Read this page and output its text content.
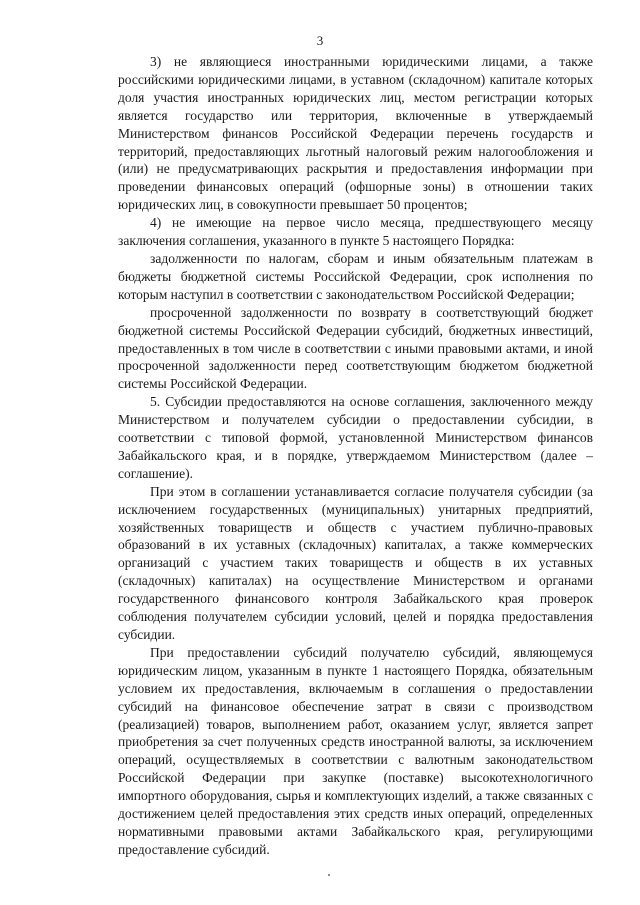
3

3) не являющиеся иностранными юридическими лицами, а также российскими юридическими лицами, в уставном (складочном) капитале которых доля участия иностранных юридических лиц, местом регистрации которых является государство или территория, включенные в утверждаемый Министерством финансов Российской Федерации перечень государств и территорий, предоставляющих льготный налоговый режим налогообложения и (или) не предусматривающих раскрытия и предоставления информации при проведении финансовых операций (офшорные зоны) в отношении таких юридических лиц, в совокупности превышает 50 процентов;

4) не имеющие на первое число месяца, предшествующего месяцу заключения соглашения, указанного в пункте 5 настоящего Порядка:

задолженности по налогам, сборам и иным обязательным платежам в бюджеты бюджетной системы Российской Федерации, срок исполнения по которым наступил в соответствии с законодательством Российской Федерации;

просроченной задолженности по возврату в соответствующий бюджет бюджетной системы Российской Федерации субсидий, бюджетных инвестиций, предоставленных в том числе в соответствии с иными правовыми актами, и иной просроченной задолженности перед соответствующим бюджетом бюджетной системы Российской Федерации.

5. Субсидии предоставляются на основе соглашения, заключенного между Министерством и получателем субсидии о предоставлении субсидии, в соответствии с типовой формой, установленной Министерством финансов Забайкальского края, и в порядке, утверждаемом Министерством (далее – соглашение).

При этом в соглашении устанавливается согласие получателя субсидии (за исключением государственных (муниципальных) унитарных предприятий, хозяйственных товариществ и обществ с участием публично-правовых образований в их уставных (складочных) капиталах, а также коммерческих организаций с участием таких товариществ и обществ в их уставных (складочных) капиталах) на осуществление Министерством и органами государственного финансового контроля Забайкальского края проверок соблюдения получателем субсидии условий, целей и порядка предоставления субсидии.

При предоставлении субсидий получателю субсидий, являющемуся юридическим лицом, указанным в пункте 1 настоящего Порядка, обязательным условием их предоставления, включаемым в соглашения о предоставлении субсидий на финансовое обеспечение затрат в связи с производством (реализацией) товаров, выполнением работ, оказанием услуг, является запрет приобретения за счет полученных средств иностранной валюты, за исключением операций, осуществляемых в соответствии с валютным законодательством Российской Федерации при закупке (поставке) высокотехнологичного импортного оборудования, сырья и комплектующих изделий, а также связанных с достижением целей предоставления этих средств иных операций, определенных нормативными правовыми актами Забайкальского края, регулирующими предоставление субсидий.
